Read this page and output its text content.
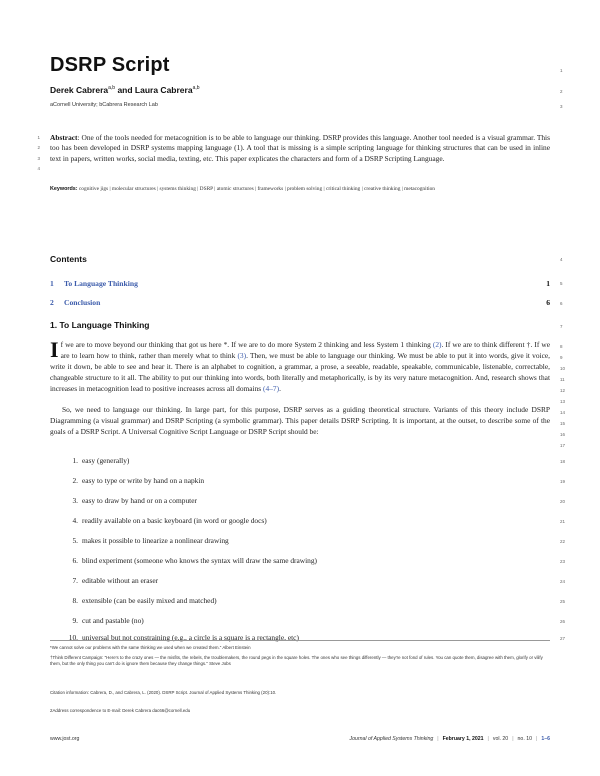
DSRP Script	1
Derek Cabrera$^{a,b}$ and Laura Cabrera$^{a,b}$
2
aCornell University; bCabrera Research Lab	3
1
2
3
4
Abstract: One of the tools needed for metacognition is to be able to language our thinking. DSRP provides this language. Another tool needed is a visual grammar. This too has been developed in DSRP systems mapping language (1). A tool that is missing is a simple scripting language for thinking structures that can be used in inline text in papers, written works, social media, texting, etc. This paper explicates the characters and form of a DSRP Scripting Language.
Keywords: cognitive jigs | molecular structures | systems thinking | DSRP | atomic structures | frameworks | problem solving | critical thinking | creative thinking | metacognition
Contents	4
1 To Language Thinking	1 5
2 Conclusion	6 6
1. To Language Thinking	7
If we are to move beyond our thinking that got us here *. If we are to do more System 2 thinking and less System 1 thinking (2). If we are to think different †. If we are to learn how to think, rather than merely what to think (3). Then, we must be able to language our thinking. We must be able to put it into words, give it voice, write it down, be able to see and hear it. There is an alphabet to cognition, a grammar, a prose, a seeable, readable, speakable, communicable, listenable, correctable, changeable structure to it all. The ability to put our thinking into words, both literally and metaphorically, is by its very nature metacognition. And, research shows that increases in metacognition lead to positive increases across all domains (4–7).
So, we need to language our thinking. In large part, for this purpose, DSRP serves as a guiding theoretical structure. Variants of this theory include DSRP Diagramming (a visual grammar) and DSRP Scripting (a symbolic grammar). This paper details DSRP Scripting. It is important, at the outset, to describe some of the goals of a DSRP Script. A Universal Cognitive Script Language or DSRP Script should be:
8
9
10
11
12
13
14
15
16
17
1. easy (generally)
2. easy to type or write by hand on a napkin
3. easy to draw by hand or on a computer
4. readily available on a basic keyboard (in word or google docs)
5. makes it possible to linearize a nonlinear drawing
6. blind experiment (someone who knows the syntax will draw the same drawing)
7. editable without an eraser
8. extensible (can be easily mixed and matched)
9. cut and pastable (no)
10. universal but not constraining (e.g., a circle is a square is a rectangle, etc)
18
19
20
21
22
23
24
25
26
27
*We cannot solve our problems with the same thinking we used when we created them." Albert Einstein
†Think Different Campaign: "Here's to the crazy ones — the misfits, the rebels, the troublemakers, the round pegs in the square holes. The ones who see things differently — they're not fond of rules. You can quote them, disagree with them, glorify or vilify them, but the only thing you can't do is ignore them because they change things." Steve Jobs
Citation information: Cabrera, D., and Cabrera, L. (2020). DSRP Script. Journal of Applied Systems Thinking (20):10.
2Address correspondence to E-mail: Derek Cabrera dac66@cornell.edu
www.jost.org	Journal of Applied Systems Thinking | February 1, 2021 | vol. 20 | no. 10 | 1–6
